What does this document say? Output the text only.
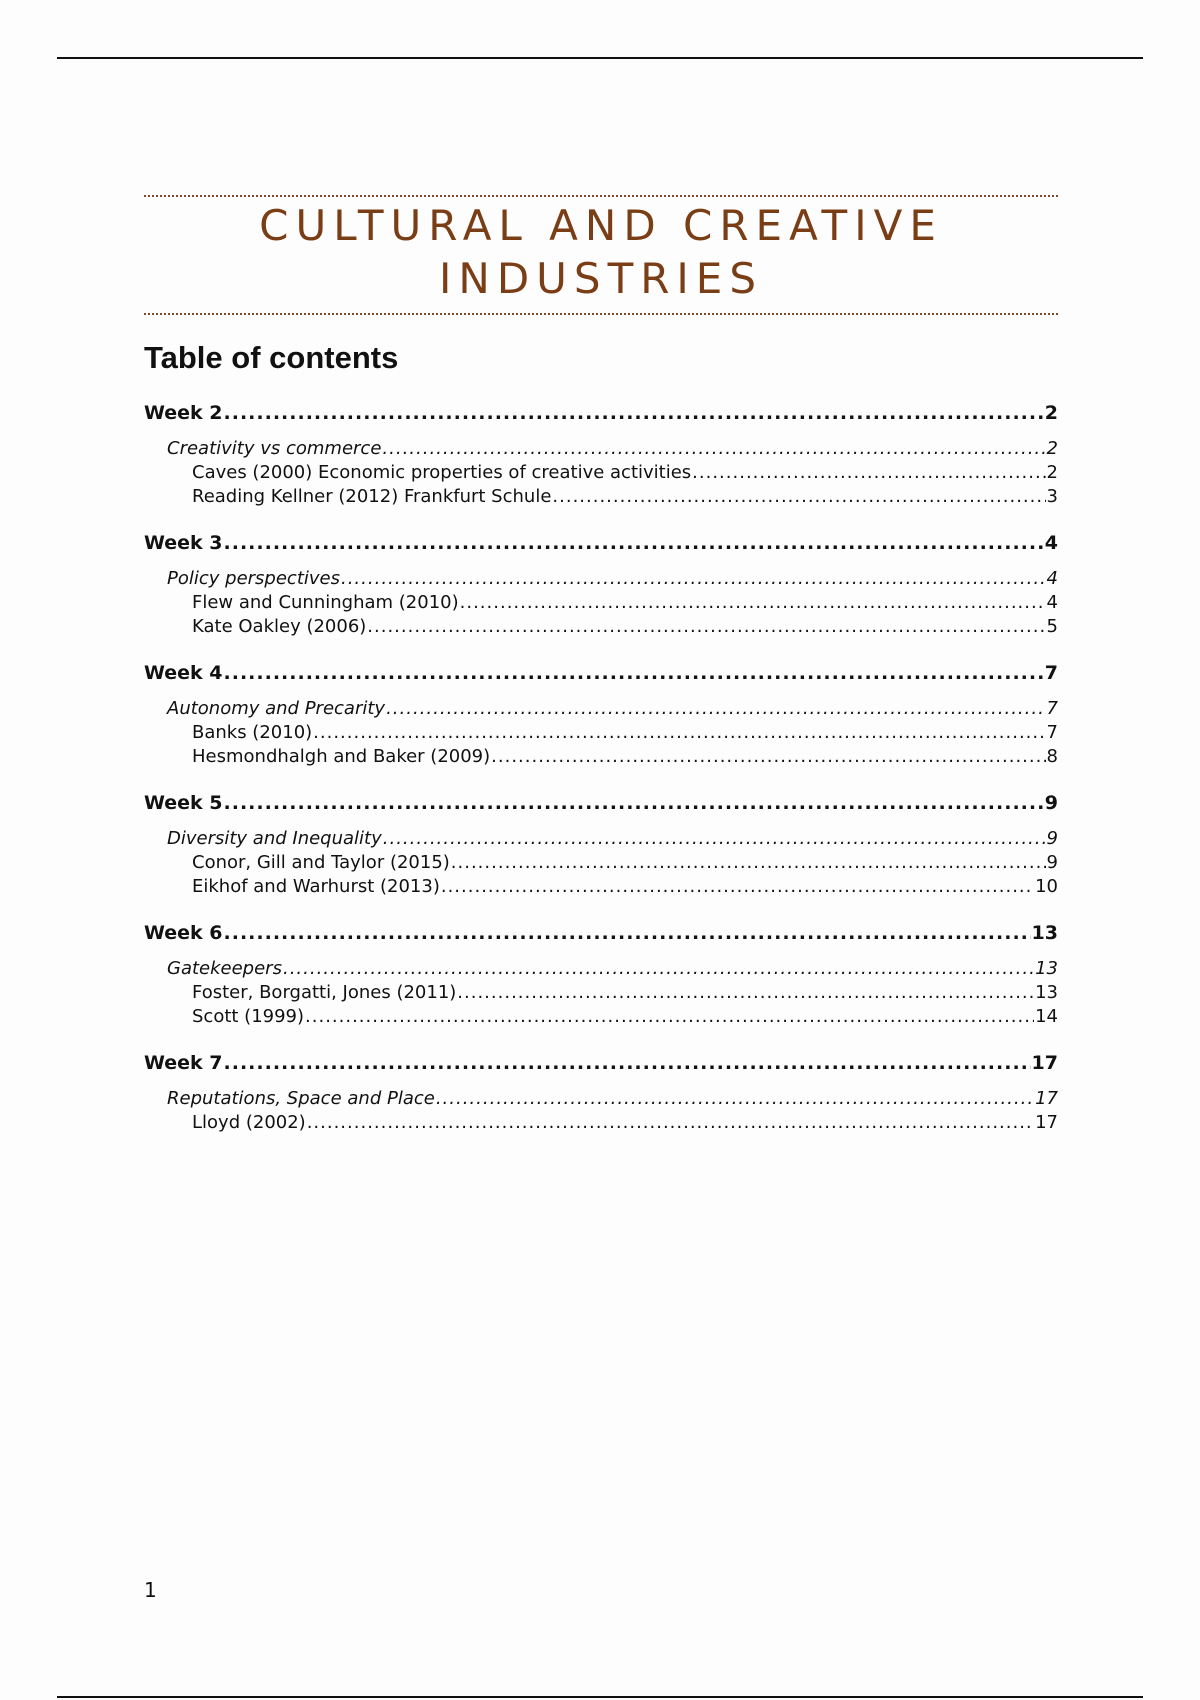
CULTURAL AND CREATIVE INDUSTRIES
Table of contents
Week 2 .....	2
Creativity vs commerce .....	2
Caves (2000) Economic properties of creative activities .....	2
Reading Kellner (2012) Frankfurt Schule .....	3
Week 3 .....	4
Policy perspectives .....	4
Flew and Cunningham (2010) .....	4
Kate Oakley (2006) .....	5
Week 4 .....	7
Autonomy and Precarity .....	7
Banks (2010) .....	7
Hesmondhalgh and Baker (2009) .....	8
Week 5 .....	9
Diversity and Inequality .....	9
Conor, Gill and Taylor (2015) .....	9
Eikhof and Warhurst (2013) .....	10
Week 6 .....	13
Gatekeepers .....	13
Foster, Borgatti, Jones (2011) .....	13
Scott (1999) .....	14
Week 7 .....	17
Reputations, Space and Place .....	17
Lloyd (2002) .....	17
1
